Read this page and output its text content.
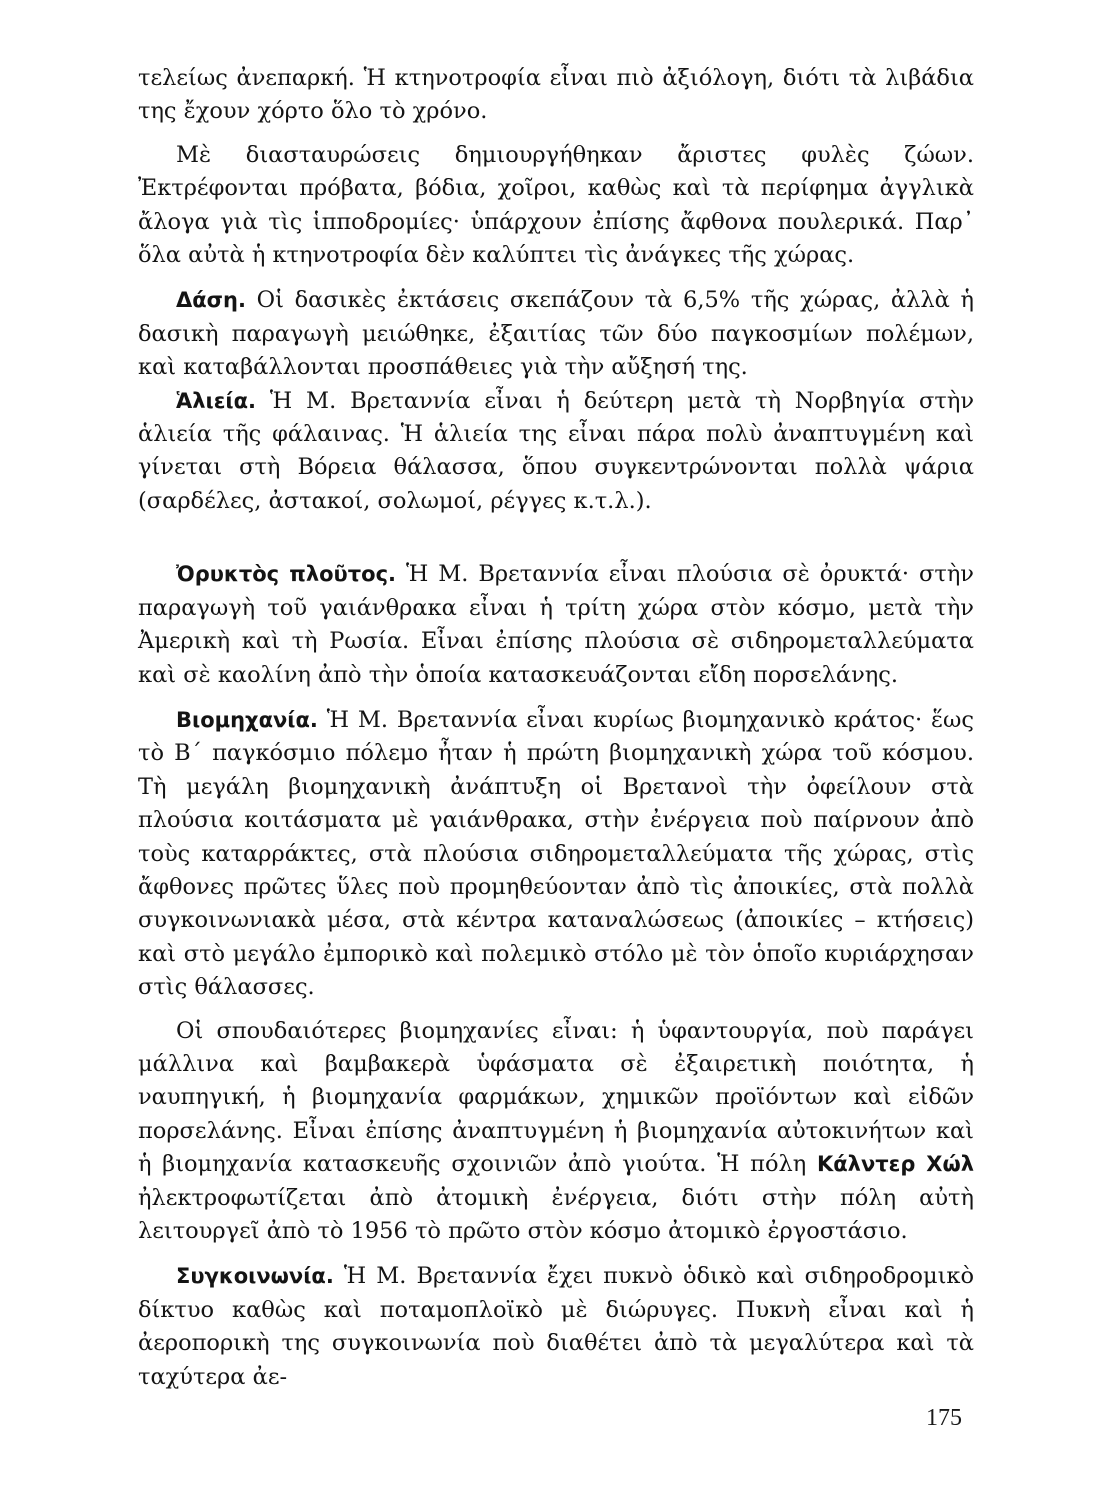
τελείως ἀνεπαρκή. Ἡ κτηνοτροφία εἶναι πιὸ ἀξιόλογη, διότι τὰ λιβάδια της ἔχουν χόρτο ὅλο τὸ χρόνο.

Μὲ διασταυρώσεις δημιουργήθηκαν ἄριστες φυλὲς ζώων. Ἐκτρέφονται πρόβατα, βόδια, χοῖροι, καθὼς καὶ τὰ περίφημα ἀγγλικὰ ἄλογα γιὰ τὶς ἱπποδρομίες· ὑπάρχουν ἐπίσης ἄφθονα πουλερικά. Παρ᾽ ὅλα αὐτὰ ἡ κτηνοτροφία δὲν καλύπτει τὶς ἀνάγκες τῆς χώρας.

Δάση. Οἱ δασικὲς ἐκτάσεις σκεπάζουν τὰ 6,5% τῆς χώρας, ἀλλὰ ἡ δασικὴ παραγωγὴ μειώθηκε, ἐξαιτίας τῶν δύο παγκοσμίων πολέμων, καὶ καταβάλλονται προσπάθειες γιὰ τὴν αὔξησή της.

Ἁλιεία. Ἡ Μ. Βρεταννία εἶναι ἡ δεύτερη μετὰ τὴ Νορβηγία στὴν ἁλιεία τῆς φάλαινας. Ἡ ἁλιεία της εἶναι πάρα πολὺ ἀναπτυγμένη καὶ γίνεται στὴ Βόρεια θάλασσα, ὅπου συγκεντρώνονται πολλὰ ψάρια (σαρδέλες, ἀστακοί, σολωμοί, ρέγγες κ.τ.λ.).

Ὀρυκτὸς πλοῦτος. Ἡ Μ. Βρεταννία εἶναι πλούσια σὲ ὀρυκτά· στὴν παραγωγὴ τοῦ γαιάνθρακα εἶναι ἡ τρίτη χώρα στὸν κόσμο, μετὰ τὴν Ἀμερικὴ καὶ τὴ Ρωσία. Εἶναι ἐπίσης πλούσια σὲ σιδηρομεταλλεύματα καὶ σὲ καολίνη ἀπὸ τὴν ὁποία κατασκευάζονται εἴδη πορσελάνης.

Βιομηχανία. Ἡ Μ. Βρεταννία εἶναι κυρίως βιομηχανικὸ κράτος· ἕως τὸ Β´ παγκόσμιο πόλεμο ἦταν ἡ πρώτη βιομηχανικὴ χώρα τοῦ κόσμου. Τὴ μεγάλη βιομηχανικὴ ἀνάπτυξη οἱ Βρετανοὶ τὴν ὀφείλουν στὰ πλούσια κοιτάσματα μὲ γαιάνθρακα, στὴν ἐνέργεια ποὺ παίρνουν ἀπὸ τοὺς καταρράκτες, στὰ πλούσια σιδηρομεταλλεύματα τῆς χώρας, στὶς ἄφθονες πρῶτες ὕλες ποὺ προμηθεύονταν ἀπὸ τὶς ἀποικίες, στὰ πολλὰ συγκοινωνιακὰ μέσα, στὰ κέντρα καταναλώσεως (ἀποικίες – κτήσεις) καὶ στὸ μεγάλο ἐμπορικὸ καὶ πολεμικὸ στόλο μὲ τὸν ὁποῖο κυριάρχησαν στὶς θάλασσες.

Οἱ σπουδαιότερες βιομηχανίες εἶναι: ἡ ὑφαντουργία, ποὺ παράγει μάλλινα καὶ βαμβακερὰ ὑφάσματα σὲ ἐξαιρετικὴ ποιότητα, ἡ ναυπηγική, ἡ βιομηχανία φαρμάκων, χημικῶν προϊόντων καὶ εἰδῶν πορσελάνης. Εἶναι ἐπίσης ἀναπτυγμένη ἡ βιομηχανία αὐτοκινήτων καὶ ἡ βιομηχανία κατασκευῆς σχοινιῶν ἀπὸ γιούτα. Ἡ πόλη Κάλντερ Χώλ ἠλεκτροφωτίζεται ἀπὸ ἀτομικὴ ἐνέργεια, διότι στὴν πόλη αὐτὴ λειτουργεῖ ἀπὸ τὸ 1956 τὸ πρῶτο στὸν κόσμο ἀτομικὸ ἐργοστάσιο.

Συγκοινωνία. Ἡ Μ. Βρεταννία ἔχει πυκνὸ ὁδικὸ καὶ σιδηροδρομικὸ δίκτυο καθὼς καὶ ποταμοπλοϊκὸ μὲ διώρυγες. Πυκνὴ εἶναι καὶ ἡ ἀεροπορικὴ της συγκοινωνία ποὺ διαθέτει ἀπὸ τὰ μεγαλύτερα καὶ τὰ ταχύτερα ἀε-

175
